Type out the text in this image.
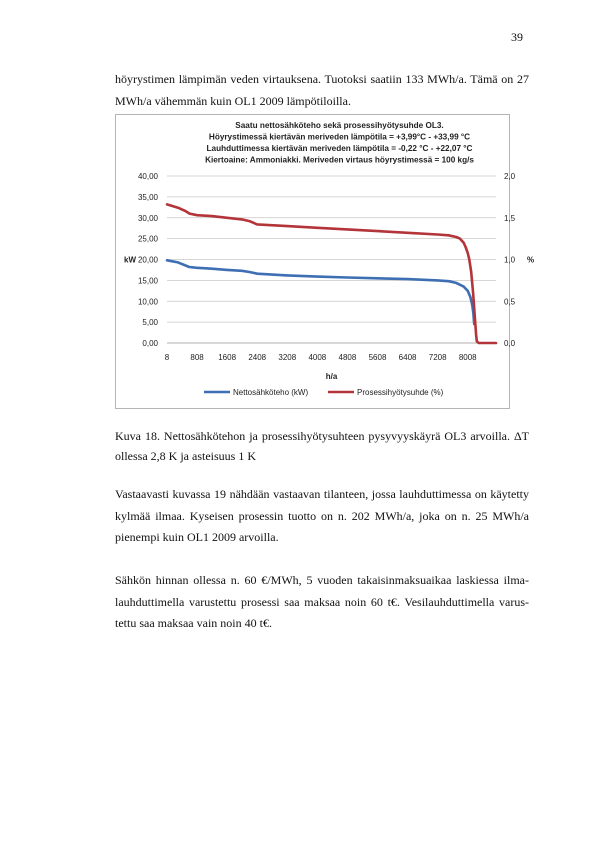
39

höyrystimen lämpimän veden virtauksena. Tuotoksi saatiin 133 MWh/a. Tämä on 27
MWh/a vähemmän kuin OL1 2009 lämpötiloilla.

Saatu nettosähköteho sekä prosessihyötysuhde OL3.
Höyrystimessä kiertävän meriveden lämpötila = +3,99°C - +33,99 °C
Lauhduttimessa kiertävän meriveden lämpötila = -0,22 °C - +22,07 °C
Kiertoaine: Ammoniakki. Meriveden virtaus höyrystimessä = 100 kg/s
0,00
5,00
10,00
15,00
20,00
25,00
30,00
35,00
40,00
0,0
0,5
1,0
1,5
2,0
kW	%
8	808 1608 2408 3208 4008 4808 5608 6408 7208 8008
h/a
Nettosähköteho (kW)	Prosessihyötysuhde (%)
Kuva 18. Nettosähkötehon ja prosessihyötysuhteen pysyvyyskäyrä OL3 arvoilla. ΔT
ollessa 2,8 K ja asteisuus 1 K

Vastaavasti kuvassa 19 nähdään vastaavan tilanteen, jossa lauhduttimessa on käytetty
kylmää ilmaa. Kyseisen prosessin tuotto on n. 202 MWh/a, joka on n. 25 MWh/a
pienempi kuin OL1 2009 arvoilla.

Sähkön hinnan ollessa n. 60 €/MWh, 5 vuoden takaisinmaksuaikaa laskiessa ilma-
lauhduttimella varustettu prosessi saa maksaa noin 60 t€. Vesilauhduttimella varus-
tettu saa maksaa vain noin 40 t€.
